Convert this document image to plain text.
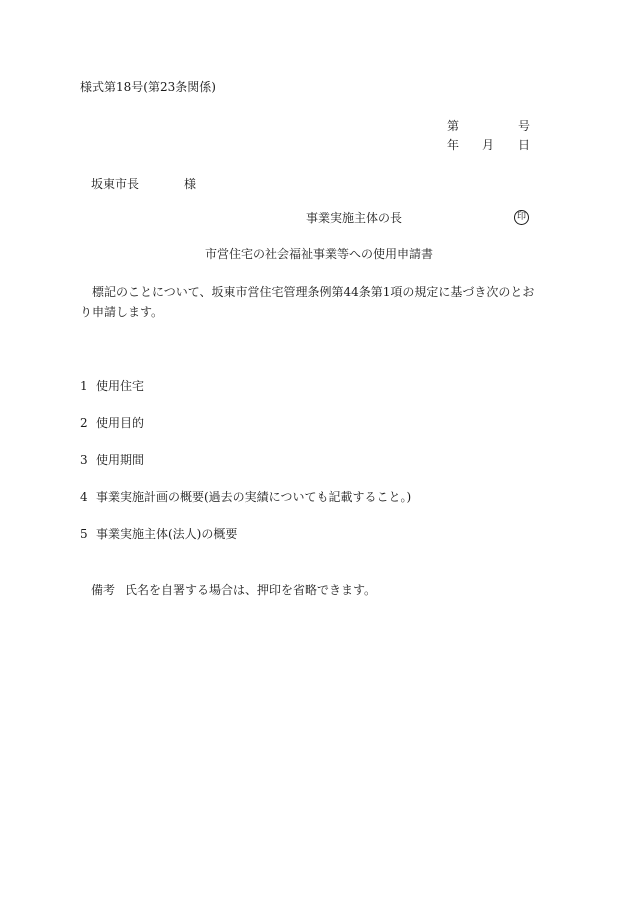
様式第18号(第23条関係)
第	号
年 月 日
坂東市長	様
事業実施主体の長	印
市営住宅の社会福祉事業等への使用申請書
標記のことについて、坂東市営住宅管理条例第44条第1項の規定に基づき次のとおり申請します。
1 使用住宅
2 使用目的
3 使用期間
4 事業実施計画の概要(過去の実績についても記載すること。)
5 事業実施主体(法人)の概要
備考 氏名を自署する場合は、押印を省略できます。
